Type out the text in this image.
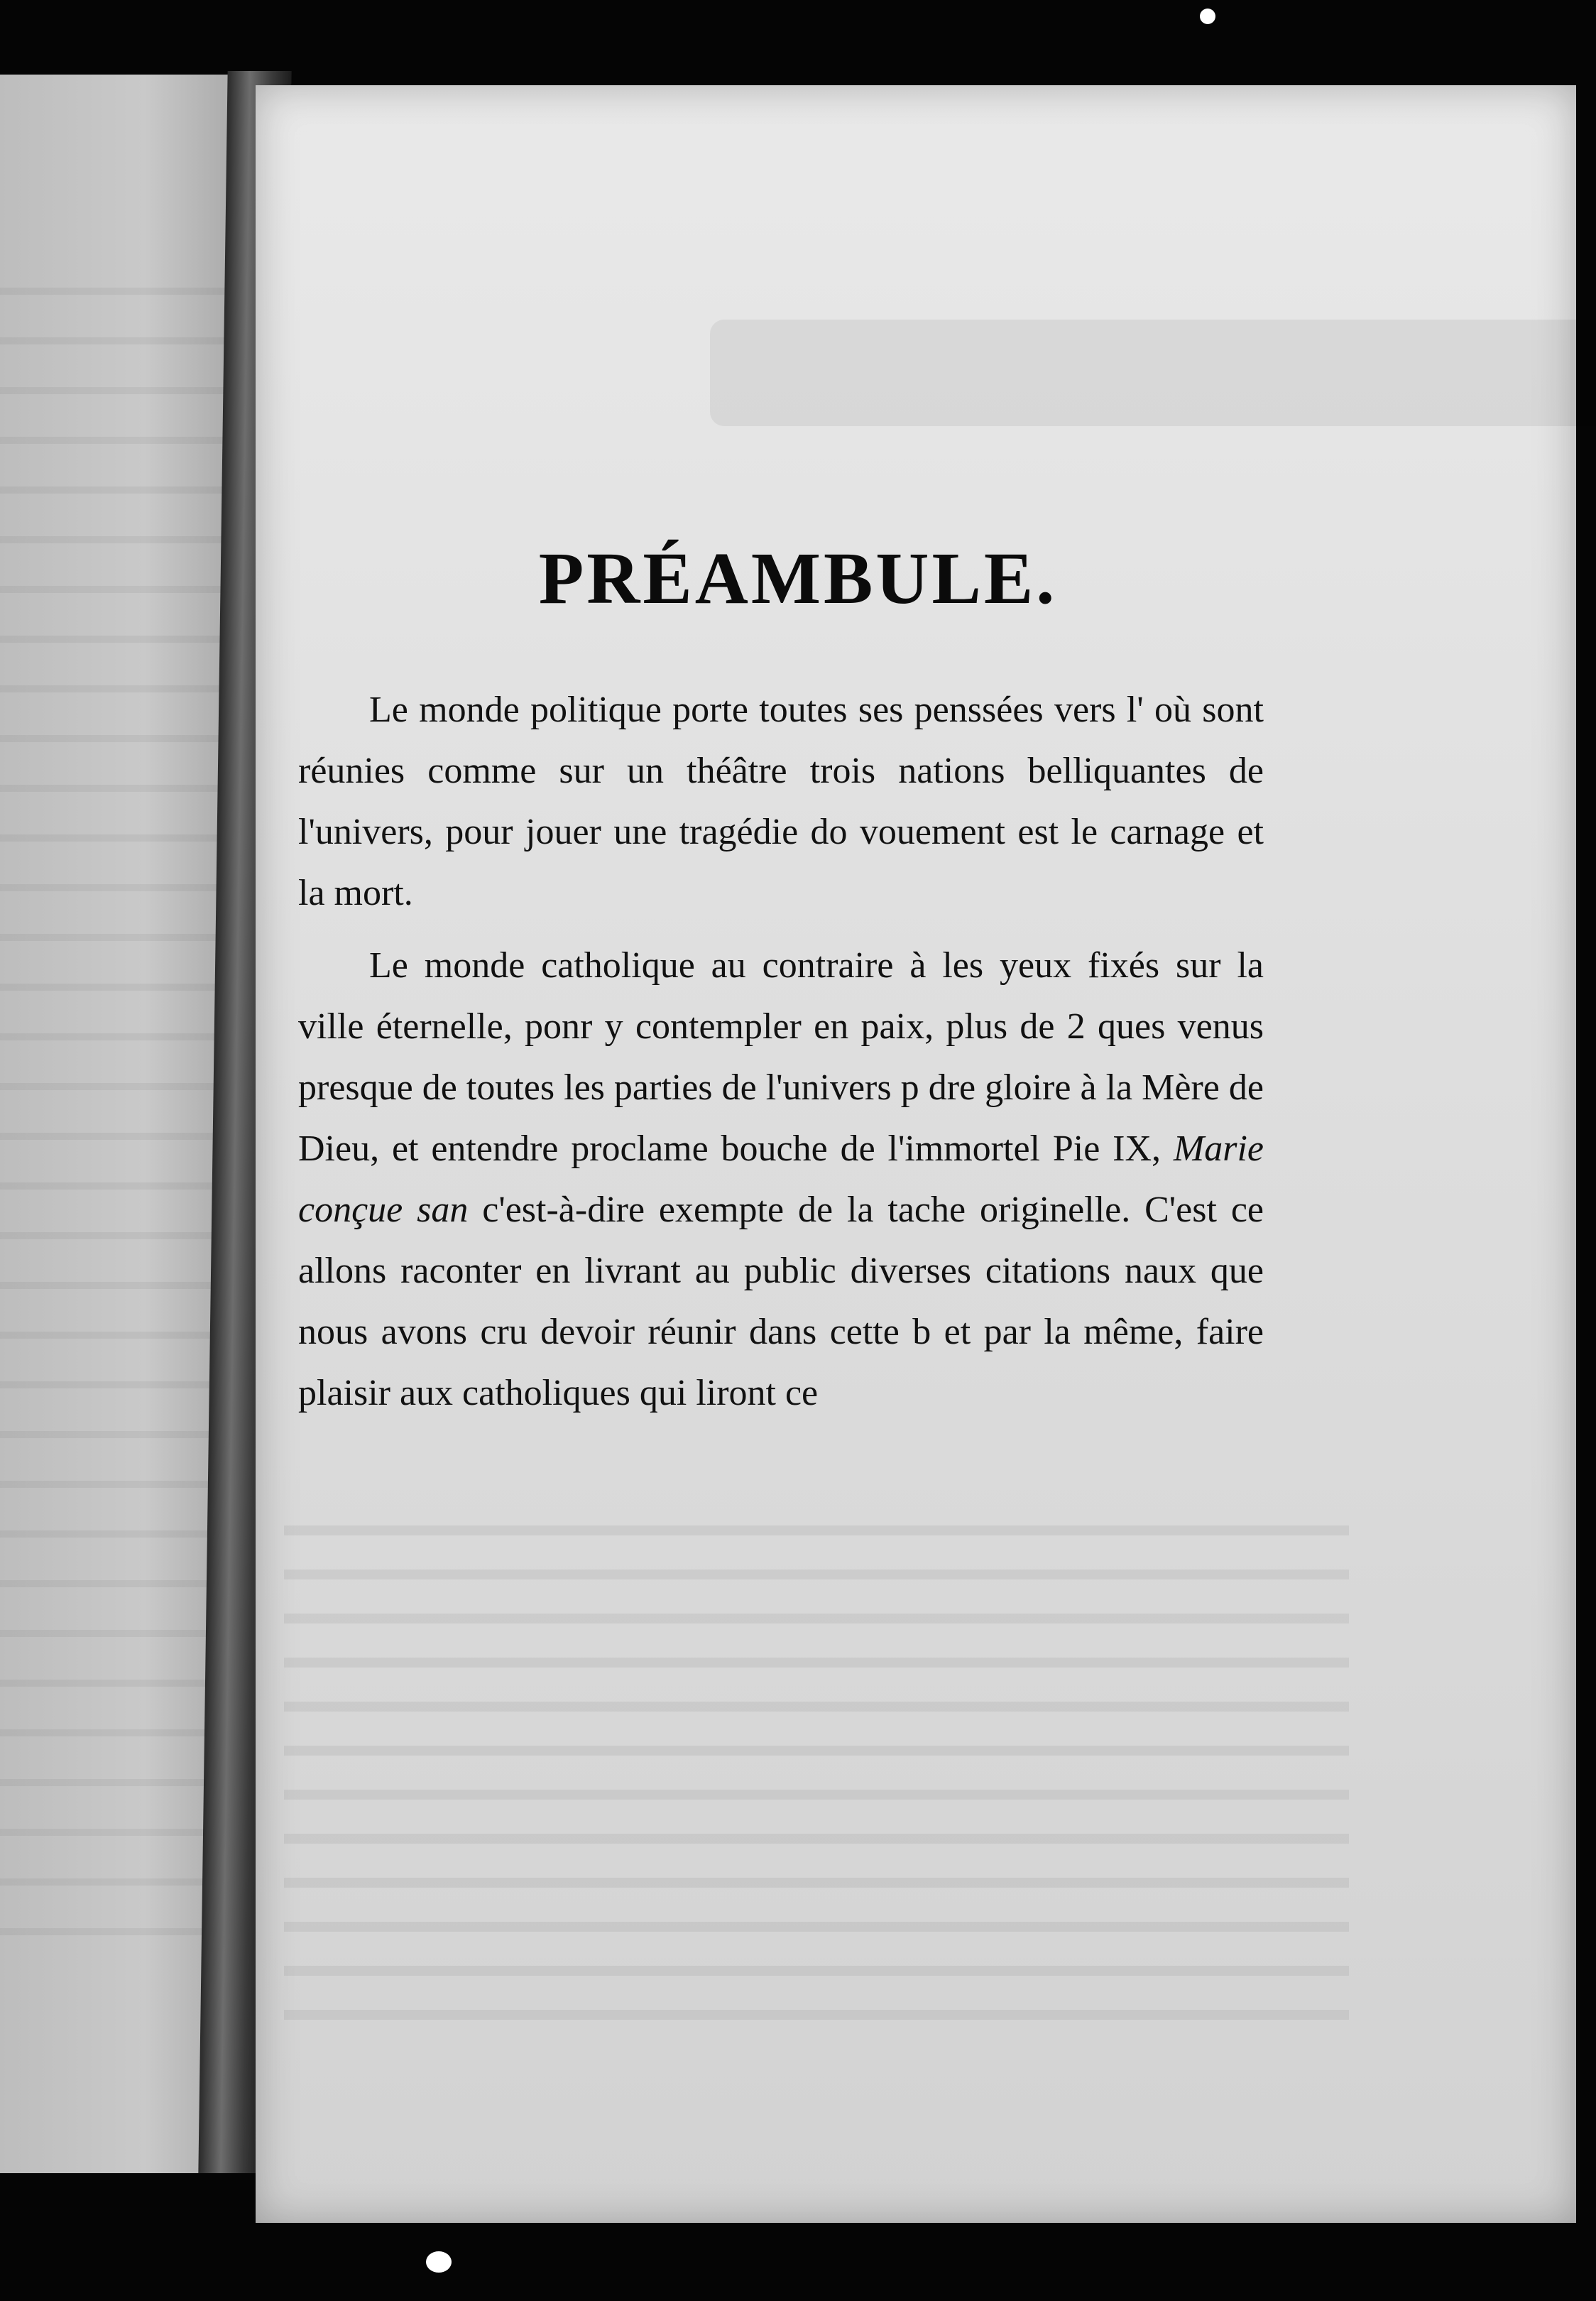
PRÉAMBULE.

Le monde politique porte toutes ses penssées vers l' où sont réunies comme sur un théâtre trois nations belliquantes de l'univers, pour jouer une tragédie do vouement est le carnage et la mort.

Le monde catholique au contraire à les yeux fixés sur la ville éternelle, ponr y contempler en paix, plus de 2 ques venus presque de toutes les parties de l'univers p dre gloire à la Mère de Dieu, et entendre proclame bouche de l'immortel Pie IX, Marie conçue san c'est-à-dire exempte de la tache originelle. C'est ce allons raconter en livrant au public diverses citations naux que nous avons cru devoir réunir dans cette b et par la même, faire plaisir aux catholiques qui liront ce
